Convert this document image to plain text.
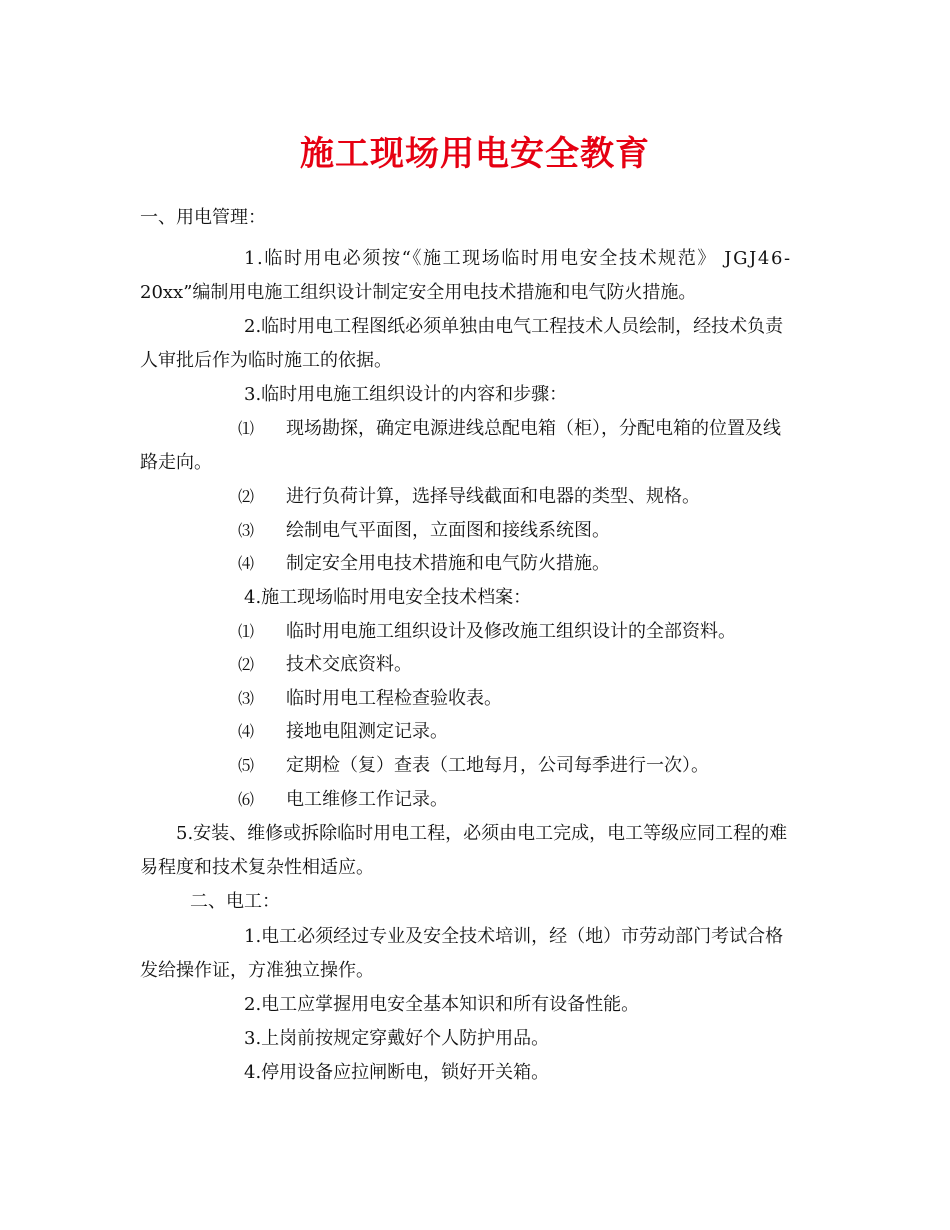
施工现场用电安全教育
一、用电管理：
1.临时用电必须按“《施工现场临时用电安全技术规范》 JGJ46-
20xx”编制用电施工组织设计制定安全用电技术措施和电气防火措施。
2.临时用电工程图纸必须单独由电气工程技术人员绘制，经技术负责
人审批后作为临时施工的依据。
3.临时用电施工组织设计的内容和步骤：
⑴ 现场勘探，确定电源进线总配电箱（柜），分配电箱的位置及线
路走向。
⑵ 进行负荷计算，选择导线截面和电器的类型、规格。
⑶ 绘制电气平面图，立面图和接线系统图。
⑷ 制定安全用电技术措施和电气防火措施。
4.施工现场临时用电安全技术档案：
⑴ 临时用电施工组织设计及修改施工组织设计的全部资料。
⑵ 技术交底资料。
⑶ 临时用电工程检查验收表。
⑷ 接地电阻测定记录。
⑸ 定期检（复）查表（工地每月，公司每季进行一次）。
⑹ 电工维修工作记录。
5.安装、维修或拆除临时用电工程，必须由电工完成，电工等级应同工程的难
易程度和技术复杂性相适应。
二、电工：
1.电工必须经过专业及安全技术培训，经（地）市劳动部门考试合格
发给操作证，方准独立操作。
2.电工应掌握用电安全基本知识和所有设备性能。
3.上岗前按规定穿戴好个人防护用品。
4.停用设备应拉闸断电，锁好开关箱。
